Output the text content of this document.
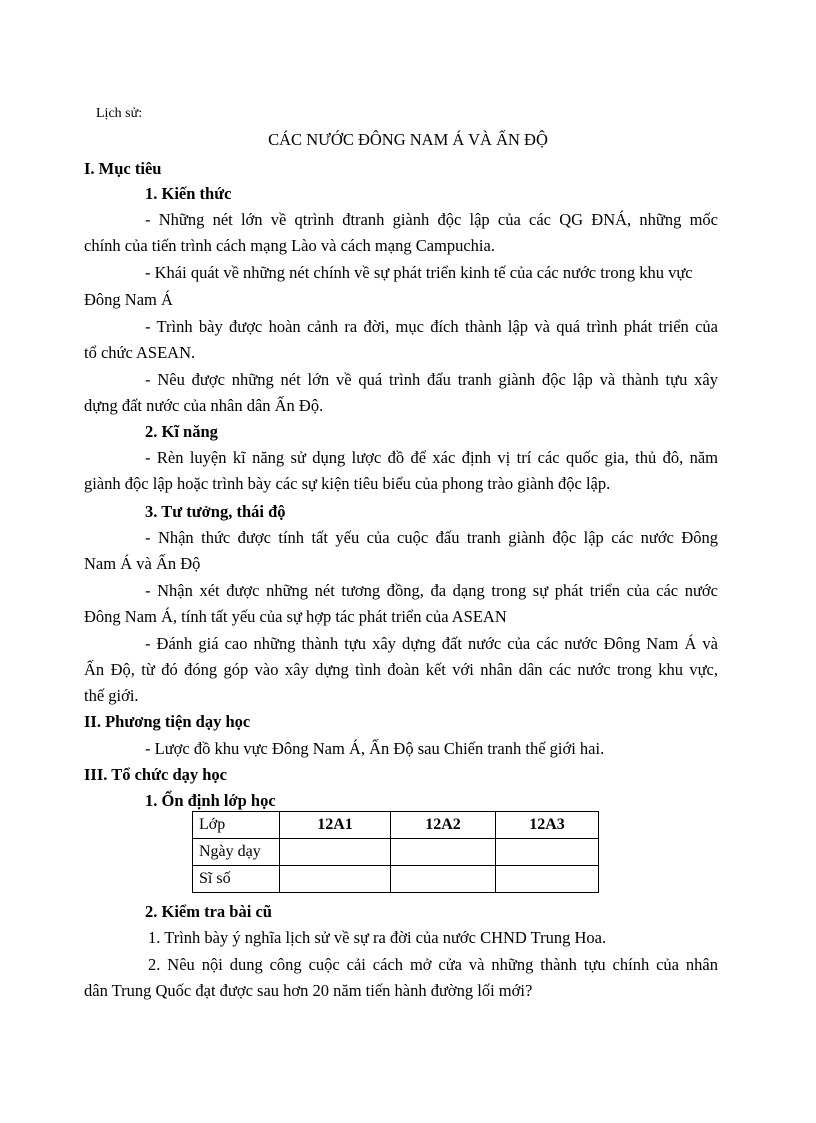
Lịch sử:
CÁC NƯỚC ĐÔNG NAM Á VÀ ẤN ĐỘ
I. Mục tiêu
1. Kiến thức
- Những nét lớn về qtrình đtranh giành độc lập của các QG ĐNÁ, những mốc
chính của tiến trình cách mạng Lào và cách mạng Campuchia.
- Khái quát về những nét chính về sự phát triển kinh tế của các nước trong khu vực
Đông Nam Á
- Trình bày được hoàn cảnh ra đời, mục đích thành lập và quá trình phát triển của
tổ chức ASEAN.
- Nêu được những nét lớn về quá trình đấu tranh giành độc lập và thành tựu xây
dựng đất nước của nhân dân Ấn Độ.
2. Kĩ năng
- Rèn luyện kĩ năng sử dụng lược đồ để xác định vị trí các quốc gia, thủ đô, năm
giành độc lập hoặc trình bày các sự kiện tiêu biểu của phong trào giành độc lập.
3. Tư tưởng, thái độ
- Nhận thức được tính tất yếu của cuộc đấu tranh giành độc lập các nước Đông
Nam Á và Ấn Độ
- Nhận xét được những nét tương đồng, đa dạng trong sự phát triển của các nước
Đông Nam Á, tính tất yếu của sự hợp tác phát triển của ASEAN
- Đánh giá cao những thành tựu xây dựng đất nước của các nước Đông Nam Á và
Ấn Độ, từ đó đóng góp vào xây dựng tình đoàn kết với nhân dân các nước trong khu vực,
thế giới.
II. Phương tiện dạy học
- Lược đồ khu vực Đông Nam Á, Ấn Độ sau Chiến tranh thế giới hai.
III. Tổ chức dạy học
1. Ổn định lớp học
Lớp	12A1	12A2	12A3
Ngày dạy			
Sĩ số			
2. Kiểm tra bài cũ
1. Trình bày ý nghĩa lịch sử về sự ra đời của nước CHND Trung Hoa.
2. Nêu nội dung công cuộc cải cách mở cửa và những thành tựu chính của nhân
dân Trung Quốc đạt được sau hơn 20 năm tiến hành đường lối mới?
